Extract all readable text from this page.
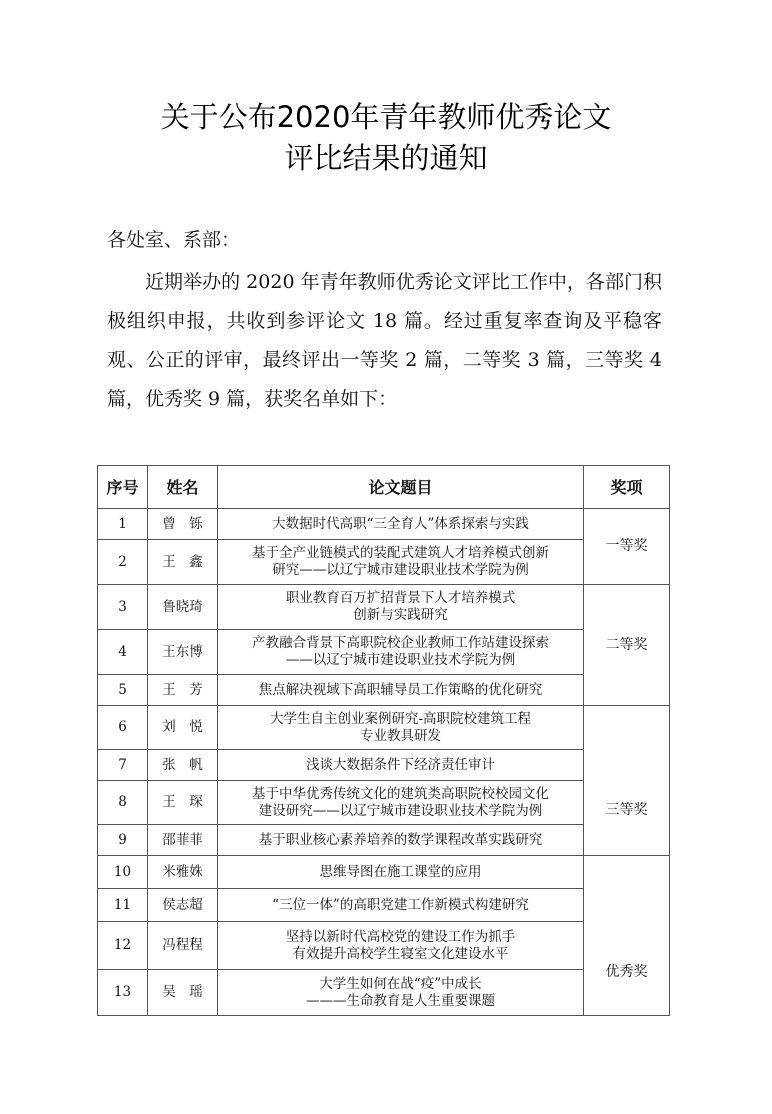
关于公布2020年青年教师优秀论文
评比结果的通知
各处室、系部：

近期举办的 2020 年青年教师优秀论文评比工作中，各部门积极组织申报，共收到参评论文 18 篇。经过重复率查询及平稳客观、公正的评审，最终评出一等奖 2 篇，二等奖 3 篇，三等奖 4 篇，优秀奖 9 篇，获奖名单如下：

序号	姓名	论文题目	奖项
1	曾　铄	大数据时代高职“三全育人”体系探索与实践	一等奖
2	王　鑫	基于全产业链模式的装配式建筑人才培养模式创新
研究——以辽宁城市建设职业技术学院为例	
3	鲁晓琦	职业教育百万扩招背景下人才培养模式
创新与实践研究	二等奖
4	王东博	产教融合背景下高职院校企业教师工作站建设探索
——以辽宁城市建设职业技术学院为例	
5	王　芳	焦点解决视域下高职辅导员工作策略的优化研究	
6	刘　悦	大学生自主创业案例研究-高职院校建筑工程
专业教具研发	三等奖
7	张　帆	浅谈大数据条件下经济责任审计	
8	王　琛	基于中华优秀传统文化的建筑类高职院校校园文化
建设研究——以辽宁城市建设职业技术学院为例	
9	邵菲菲	基于职业核心素养培养的数学课程改革实践研究	
10	米雅姝	思维导图在施工课堂的应用	优秀奖
11	侯志超	“三位一体”的高职党建工作新模式构建研究	
12	冯程程	坚持以新时代高校党的建设工作为抓手
有效提升高校学生寝室文化建设水平	
13	吴　瑶	大学生如何在战“疫”中成长
———生命教育是人生重要课题	
